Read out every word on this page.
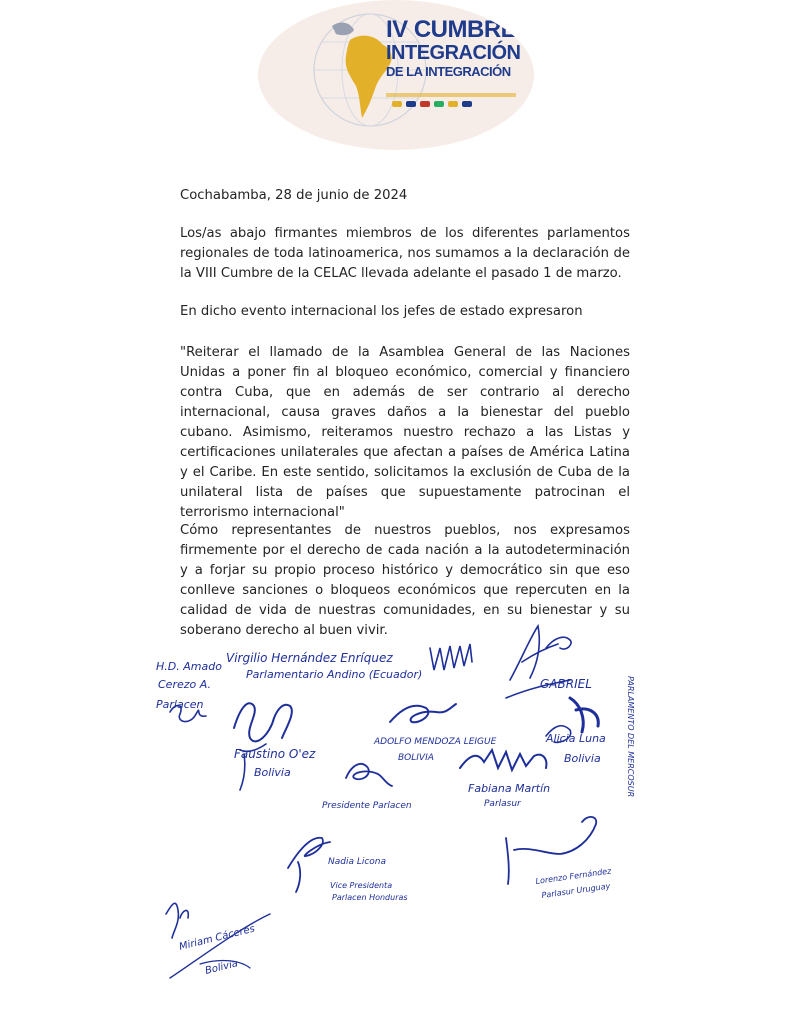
IV CUMBRE
INTEGRACIÓN
DE LA INTEGRACIÓN

Cochabamba, 28 de junio de 2024

Los/as abajo firmantes miembros de los diferentes parlamentos regionales de toda latinoamerica, nos sumamos a la declaración de la VIII Cumbre de la CELAC llevada adelante el pasado 1 de marzo.

En dicho evento internacional los jefes de estado expresaron

"Reiterar el llamado de la Asamblea General de las Naciones Unidas a poner fin al bloqueo económico, comercial y financiero contra Cuba, que en además de ser contrario al derecho internacional, causa graves daños a la bienestar del pueblo cubano. Asimismo, reiteramos nuestro rechazo a las Listas y certificaciones unilaterales que afectan a países de América Latina y el Caribe. En este sentido, solicitamos la exclusión de Cuba de la unilateral lista de países que supuestamente patrocinan el terrorismo internacional"

Cómo representantes de nuestros pueblos, nos expresamos firmemente por el derecho de cada nación a la autodeterminación y a forjar su propio proceso histórico y democrático sin que eso conlleve sanciones o bloqueos económicos que repercuten en la calidad de vida de nuestras comunidades, en su bienestar y su soberano derecho al buen vivir.

Virgilio Hernández Enríquez
Parlamentario Andino (Ecuador)
H.D. Amado
Cerezo A.
Parlacen
GABRIEL	PARLAMENTO DEL MERCOSUR
Faustino O'ez
Bolivia
ADOLFO MENDOZA LEIGUE
BOLIVIA
Alicia Luna
Bolivia
Presidente Parlacen
Fabiana Martín
Parlasur
Nadia Licona
Vice Presidenta
Parlacen Honduras
Lorenzo Fernández
Parlasur Uruguay
Miriam Cáceres
Bolivia
